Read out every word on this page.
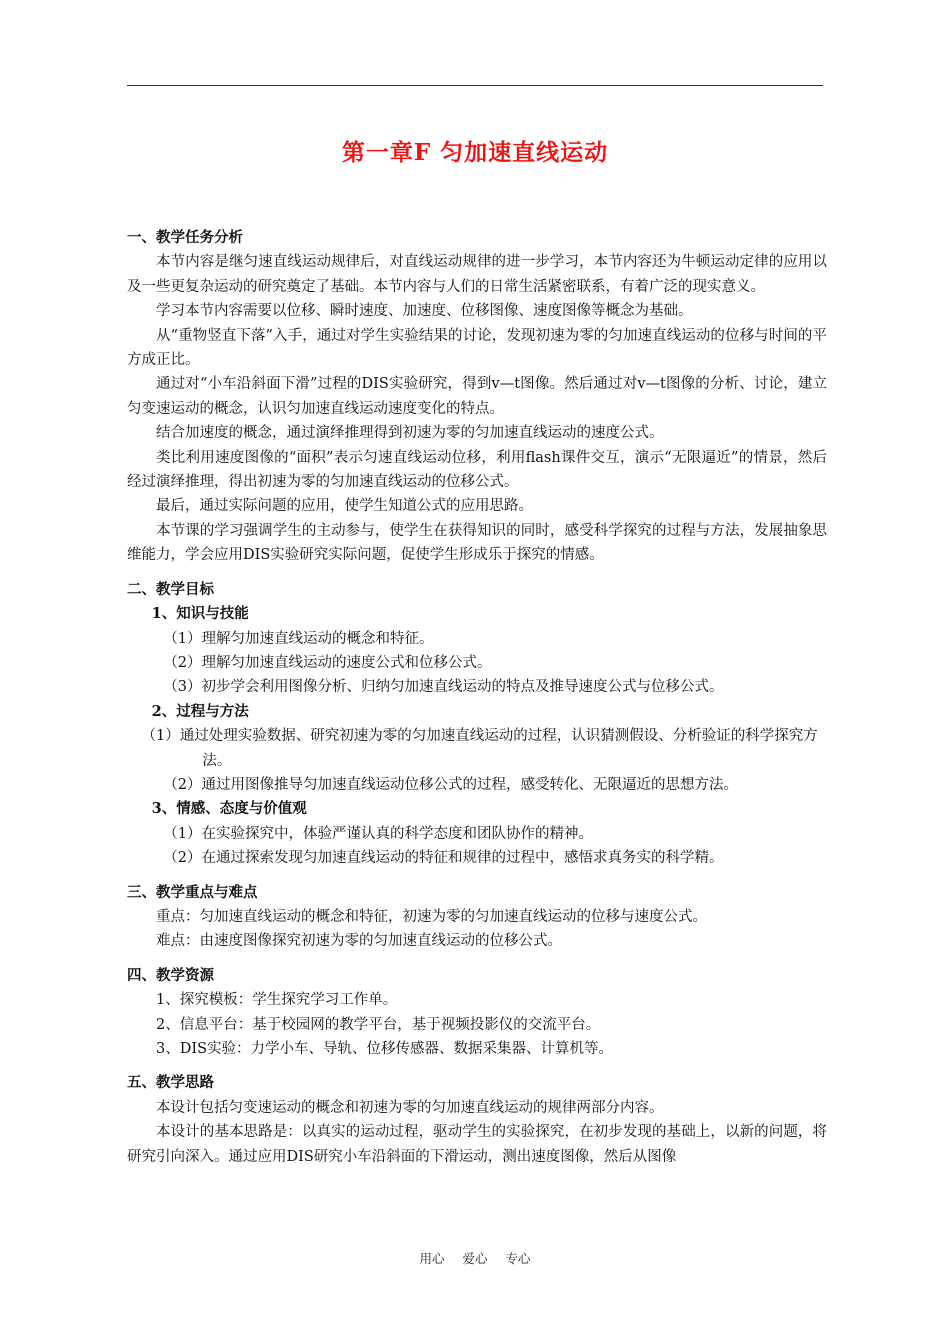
第一章F 匀加速直线运动
一、教学任务分析
本节内容是继匀速直线运动规律后，对直线运动规律的进一步学习，本节内容还为牛顿运动定律的应用以及一些更复杂运动的研究奠定了基础。本节内容与人们的日常生活紧密联系，有着广泛的现实意义。
学习本节内容需要以位移、瞬时速度、加速度、位移图像、速度图像等概念为基础。
从“重物竖直下落”入手，通过对学生实验结果的讨论，发现初速为零的匀加速直线运动的位移与时间的平方成正比。
通过对“小车沿斜面下滑”过程的DIS实验研究，得到v—t图像。然后通过对v—t图像的分析、讨论，建立匀变速运动的概念，认识匀加速直线运动速度变化的特点。
结合加速度的概念，通过演绎推理得到初速为零的匀加速直线运动的速度公式。
类比利用速度图像的“面积”表示匀速直线运动位移，利用flash课件交互，演示“无限逼近”的情景，然后经过演绎推理，得出初速为零的匀加速直线运动的位移公式。
最后，通过实际问题的应用，使学生知道公式的应用思路。
本节课的学习强调学生的主动参与，使学生在获得知识的同时，感受科学探究的过程与方法，发展抽象思维能力，学会应用DIS实验研究实际问题，促使学生形成乐于探究的情感。
二、教学目标
1、知识与技能
（1）理解匀加速直线运动的概念和特征。
（2）理解匀加速直线运动的速度公式和位移公式。
（3）初步学会利用图像分析、归纳匀加速直线运动的特点及推导速度公式与位移公式。
2、过程与方法
（1）通过处理实验数据、研究初速为零的匀加速直线运动的过程，认识猜测假设、分析验证的科学探究方法。
（2）通过用图像推导匀加速直线运动位移公式的过程，感受转化、无限逼近的思想方法。
3、情感、态度与价值观
（1）在实验探究中，体验严谨认真的科学态度和团队协作的精神。
（2）在通过探索发现匀加速直线运动的特征和规律的过程中，感悟求真务实的科学精。
三、教学重点与难点
重点：匀加速直线运动的概念和特征，初速为零的匀加速直线运动的位移与速度公式。
难点：由速度图像探究初速为零的匀加速直线运动的位移公式。
四、教学资源
1、探究模板：学生探究学习工作单。
2、信息平台：基于校园网的教学平台，基于视频投影仪的交流平台。
3、DIS实验：力学小车、导轨、位移传感器、数据采集器、计算机等。
五、教学思路
本设计包括匀变速运动的概念和初速为零的匀加速直线运动的规律两部分内容。
本设计的基本思路是：以真实的运动过程，驱动学生的实验探究，在初步发现的基础上，以新的问题，将研究引向深入。通过应用DIS研究小车沿斜面的下滑运动，测出速度图像，然后从图像
用心 爱心 专心
